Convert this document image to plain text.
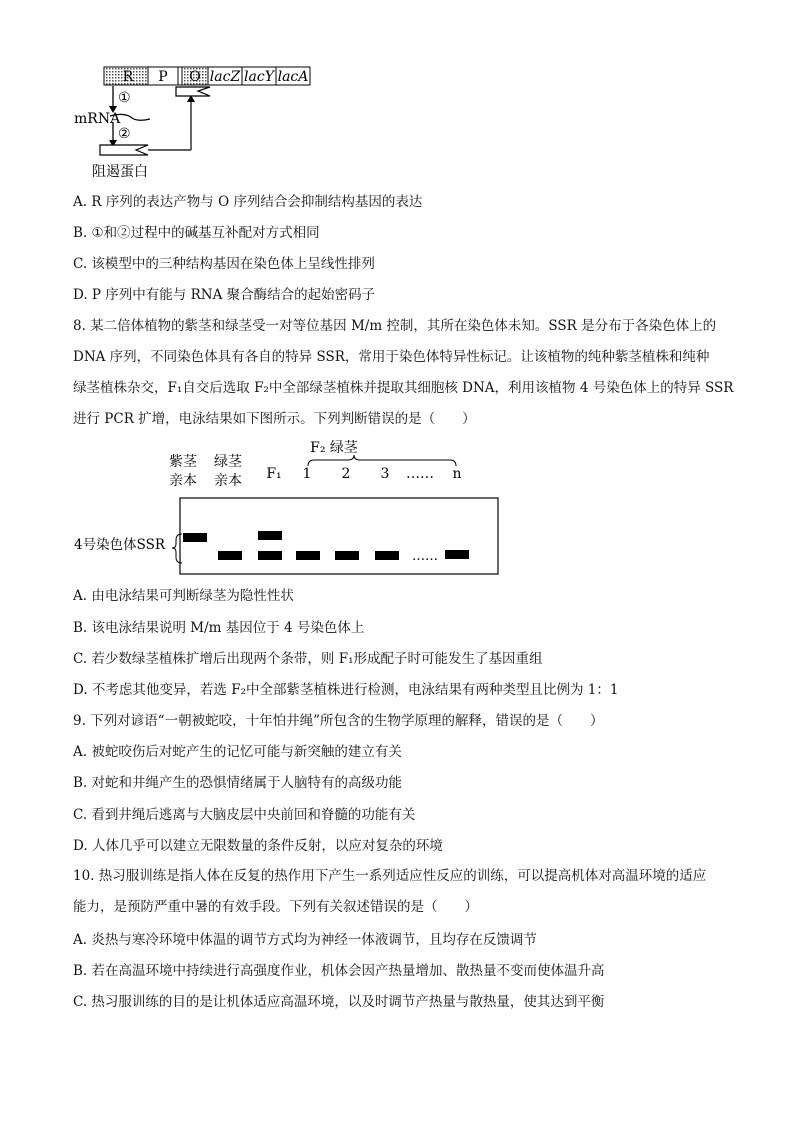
R P O lacZ lacY lacA
①
mRNA
②
阻遏蛋白
A. R 序列的表达产物与 O 序列结合会抑制结构基因的表达
B. ①和②过程中的碱基互补配对方式相同
C. 该模型中的三种结构基因在染色体上呈线性排列
D. P 序列中有能与 RNA 聚合酶结合的起始密码子
8. 某二倍体植物的紫茎和绿茎受一对等位基因 M/m 控制，其所在染色体未知。SSR 是分布于各染色体上的
DNA 序列，不同染色体具有各自的特异 SSR，常用于染色体特异性标记。让该植物的纯种紫茎植株和纯种
绿茎植株杂交，F₁自交后选取 F₂中全部绿茎植株并提取其细胞核 DNA，利用该植物 4 号染色体上的特异 SSR
进行 PCR 扩增，电泳结果如下图所示。下列判断错误的是（　　）
F₂ 绿茎
紫茎
亲本
绿茎
亲本 F₁ 1 2 3 …… n
4号染色体SSR
……
A. 由电泳结果可判断绿茎为隐性性状
B. 该电泳结果说明 M/m 基因位于 4 号染色体上
C. 若少数绿茎植株扩增后出现两个条带，则 F₁形成配子时可能发生了基因重组
D. 不考虑其他变异，若选 F₂中全部紫茎植株进行检测，电泳结果有两种类型且比例为 1：1
9. 下列对谚语“一朝被蛇咬，十年怕井绳”所包含的生物学原理的解释，错误的是（　　）
A. 被蛇咬伤后对蛇产生的记忆可能与新突触的建立有关
B. 对蛇和井绳产生的恐惧情绪属于人脑特有的高级功能
C. 看到井绳后逃离与大脑皮层中央前回和脊髓的功能有关
D. 人体几乎可以建立无限数量的条件反射，以应对复杂的环境
10. 热习服训练是指人体在反复的热作用下产生一系列适应性反应的训练，可以提高机体对高温环境的适应
能力，是预防严重中暑的有效手段。下列有关叙述错误的是（　　）
A. 炎热与寒冷环境中体温的调节方式均为神经一体液调节，且均存在反馈调节
B. 若在高温环境中持续进行高强度作业，机体会因产热量增加、散热量不变而使体温升高
C. 热习服训练的目的是让机体适应高温环境，以及时调节产热量与散热量，使其达到平衡
